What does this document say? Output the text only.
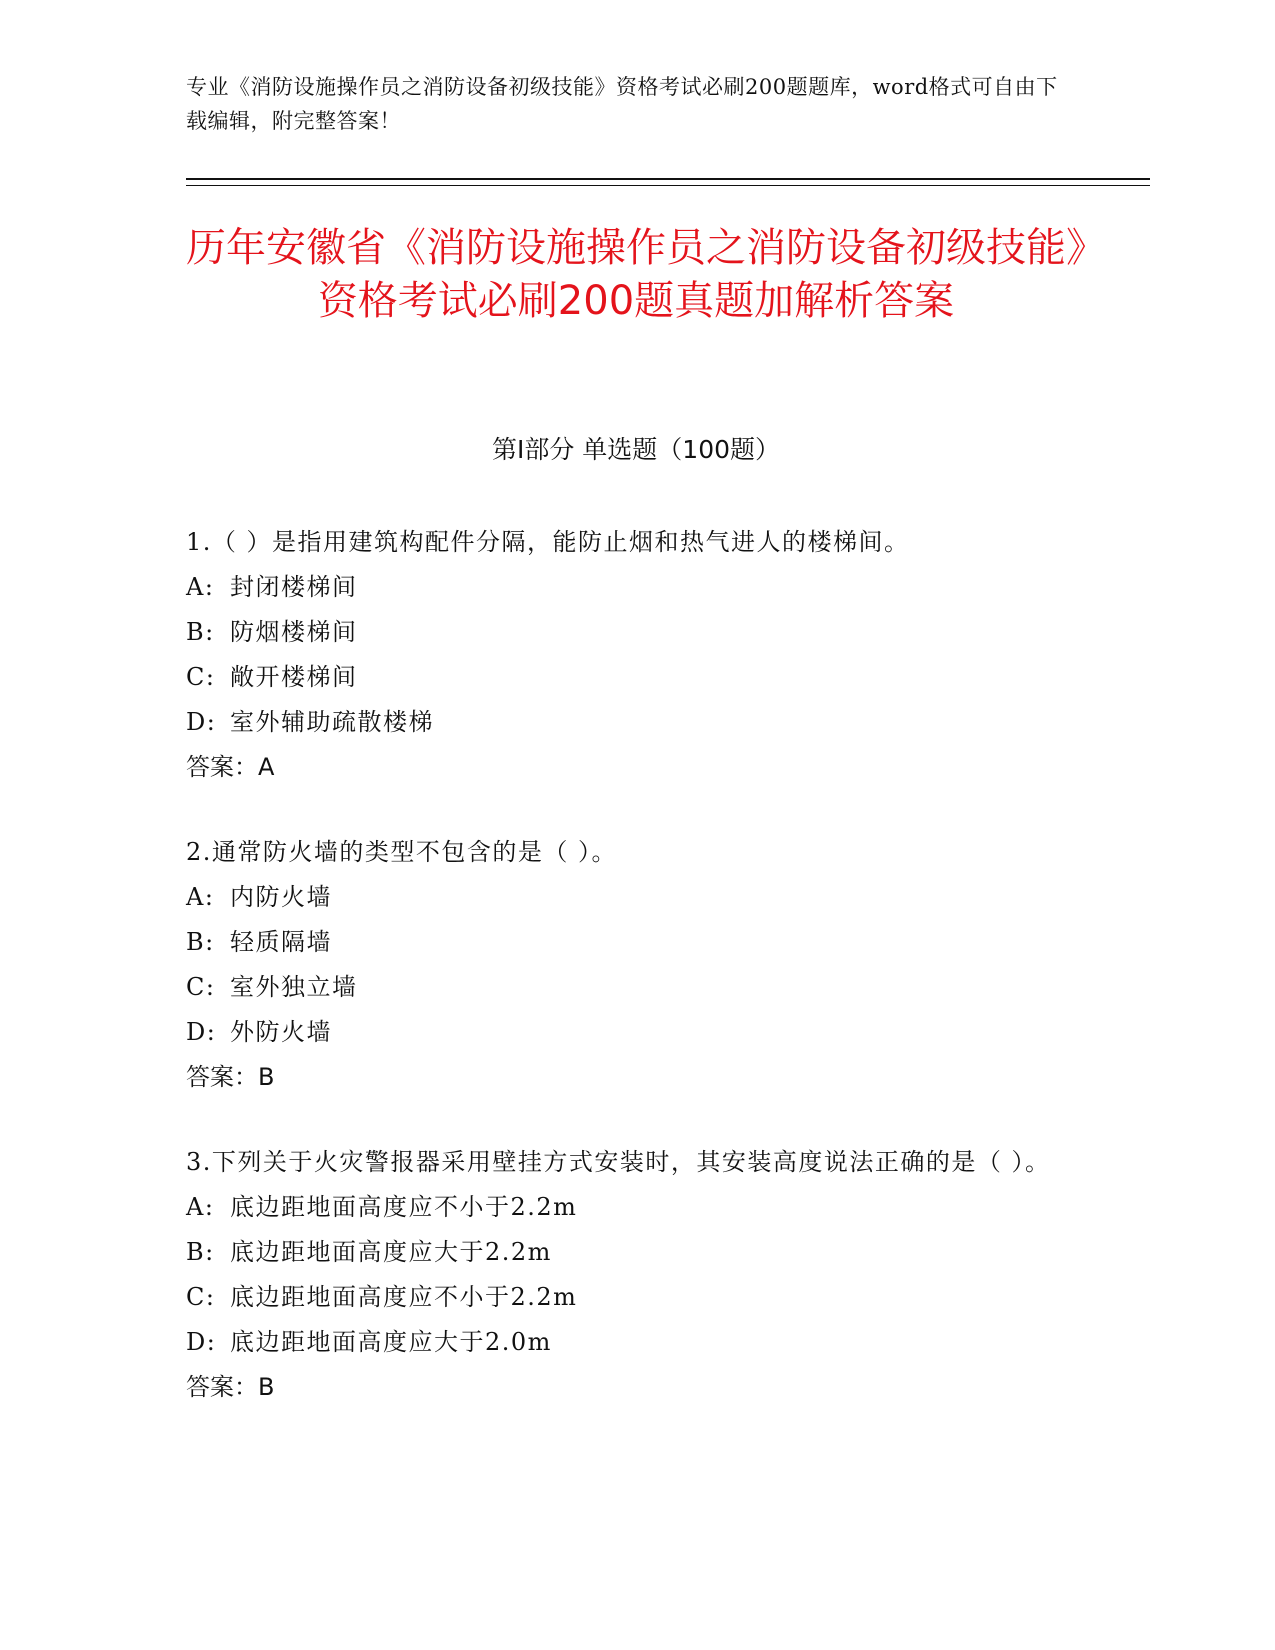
专业《消防设施操作员之消防设备初级技能》资格考试必刷200题题库，word格式可自由下载编辑，附完整答案！
历年安徽省《消防设施操作员之消防设备初级技能》资格考试必刷200题真题加解析答案
第Ⅰ部分 单选题（100题）
1.（ ）是指用建筑构配件分隔，能防止烟和热气进人的楼梯间。
A: 封闭楼梯间
B: 防烟楼梯间
C: 敞开楼梯间
D: 室外辅助疏散楼梯
答案：A
2.通常防火墙的类型不包含的是（ ）。
A: 内防火墙
B: 轻质隔墙
C: 室外独立墙
D: 外防火墙
答案：B
3.下列关于火灾警报器采用壁挂方式安装时，其安装高度说法正确的是（ ）。
A: 底边距地面高度应不小于2.2m
B: 底边距地面高度应大于2.2m
C: 底边距地面高度应不小于2.2m
D: 底边距地面高度应大于2.0m
答案：B
